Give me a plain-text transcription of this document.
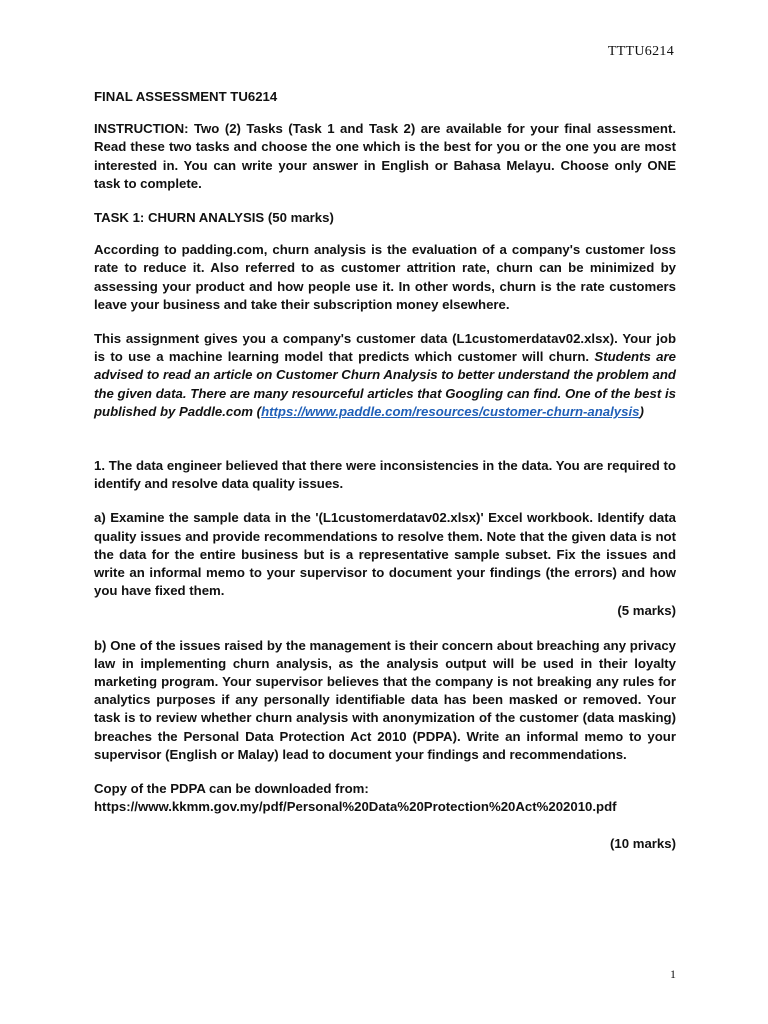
TTTU6214

FINAL ASSESSMENT TU6214

INSTRUCTION: Two (2) Tasks (Task 1 and Task 2) are available for your final assessment. Read these two tasks and choose the one which is the best for you or the one you are most interested in. You can write your answer in English or Bahasa Melayu. Choose only ONE task to complete.

TASK 1: CHURN ANALYSIS (50 marks)

According to padding.com, churn analysis is the evaluation of a company's customer loss rate to reduce it. Also referred to as customer attrition rate, churn can be minimized by assessing your product and how people use it. In other words, churn is the rate customers leave your business and take their subscription money elsewhere.

This assignment gives you a company's customer data (L1customerdatav02.xlsx). Your job is to use a machine learning model that predicts which customer will churn. Students are advised to read an article on Customer Churn Analysis to better understand the problem and the given data. There are many resourceful articles that Googling can find. One of the best is published by Paddle.com (https://www.paddle.com/resources/customer-churn-analysis)

1. The data engineer believed that there were inconsistencies in the data. You are required to identify and resolve data quality issues.

a) Examine the sample data in the '(L1customerdatav02.xlsx)' Excel workbook. Identify data quality issues and provide recommendations to resolve them. Note that the given data is not the data for the entire business but is a representative sample subset. Fix the issues and write an informal memo to your supervisor to document your findings (the errors) and how you have fixed them.

(5 marks)

b) One of the issues raised by the management is their concern about breaching any privacy law in implementing churn analysis, as the analysis output will be used in their loyalty marketing program. Your supervisor believes that the company is not breaking any rules for analytics purposes if any personally identifiable data has been masked or removed. Your task is to review whether churn analysis with anonymization of the customer (data masking) breaches the Personal Data Protection Act 2010 (PDPA). Write an informal memo to your supervisor (English or Malay) lead to document your findings and recommendations.

Copy of the PDPA can be downloaded from:
https://www.kkmm.gov.my/pdf/Personal%20Data%20Protection%20Act%202010.pdf

(10 marks)

1
